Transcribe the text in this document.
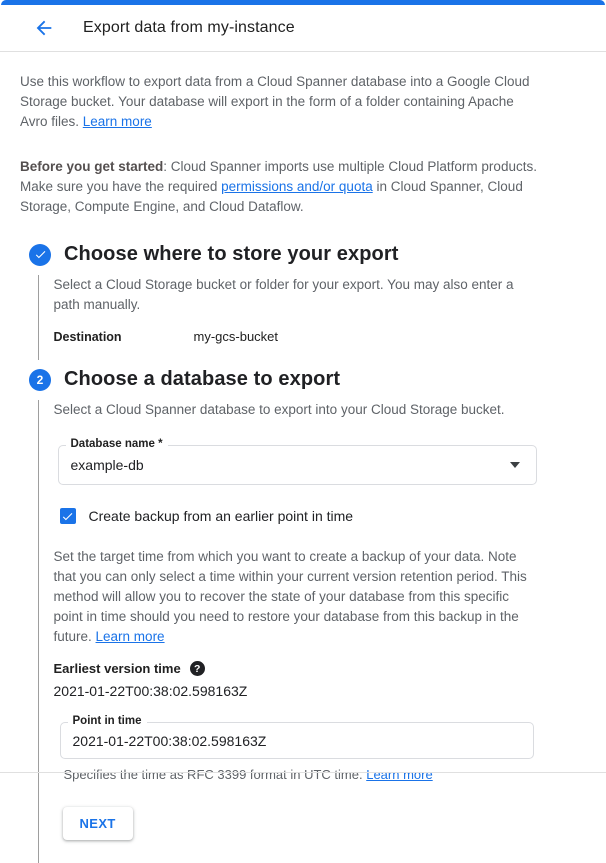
Export data from my-instance

Use this workflow to export data from a Cloud Spanner database into a Google Cloud Storage bucket. Your database will export in the form of a folder containing Apache Avro files. Learn more

Before you get started: Cloud Spanner imports use multiple Cloud Platform products. Make sure you have the required permissions and/or quota in Cloud Spanner, Cloud Storage, Compute Engine, and Cloud Dataflow.

Choose where to store your export

Select a Cloud Storage bucket or folder for your export. You may also enter a path manually.

Destination	my-gcs-bucket
2	Choose a database to export

Select a Cloud Spanner database to export into your Cloud Storage bucket.

Database name *
example-db
Create backup from an earlier point in time

Set the target time from which you want to create a backup of your data. Note that you can only select a time within your current version retention period. This method will allow you to recover the state of your database from this specific point in time should you need to restore your database from this backup in the future. Learn more

Earliest version time	?
2021-01-22T00:38:02.598163Z
Point in time
2021-01-22T00:38:02.598163Z
Specifies the time as RFC 3399 format in UTC time. Learn more
NEXT
